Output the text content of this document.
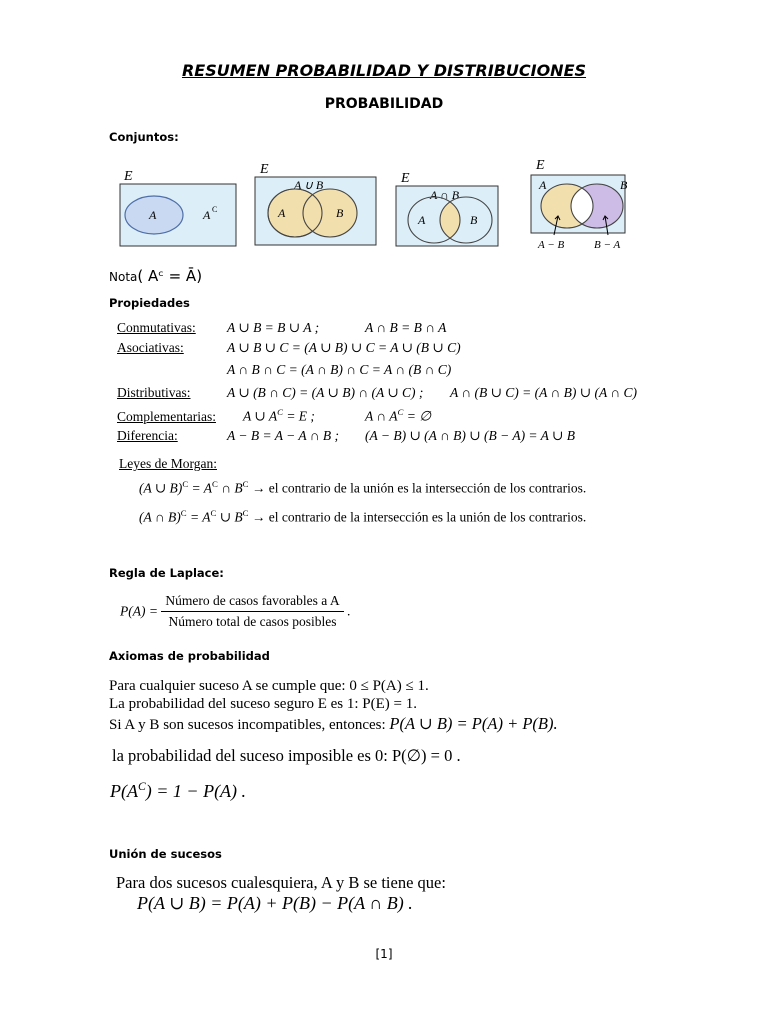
RESUMEN PROBABILIDAD Y DISTRIBUCIONES
PROBABILIDAD
Conjuntos:
E
A	A C
E
A ∪ B
A	B
E
A ∩ B
A	B
E
A	B
A − B	B − A
Nota( Aᶜ = Ā)
Propiedades
Conmutativas: A ∪ B = B ∪ A ;	A ∩ B = B ∩ A
Asociativas:	A ∪ B ∪ C = (A ∪ B) ∪ C = A ∪ (B ∪ C)
A ∩ B ∩ C = (A ∩ B) ∩ C = A ∩ (B ∩ C)
Distributivas:	A ∪ (B ∩ C) = (A ∪ B) ∩ (A ∪ C) ; A ∩ (B ∪ C) = (A ∩ B) ∪ (A ∩ C)
Complementarias: A ∪ $A^C = E$ ;	A ∩ $A^C$ = ∅
Diferencia:	A − B = A − A ∩ B ; (A − B) ∪ (A ∩ B) ∪ (B − A) = A ∪ B
Leyes de Morgan:
(A ∪ $B)^C = A^C$ ∩ $B^C$ → el contrario de la unión es la intersección de los contrarios.
(A ∩ $B)^C = A^C$ ∪ $B^C$ → el contrario de la intersección es la unión de los contrarios.
Regla de Laplace:
$P(A) = \frac{\text{Número de casos favorables a A}}{\text{Número total de casos posibles}}$ .
Axiomas de probabilidad
Para cualquier suceso A se cumple que: 0 ≤ P(A) ≤ 1.
La probabilidad del suceso seguro E es 1: P(E) = 1.
Si A y B son sucesos incompatibles, entonces: P(A ∪ B) = P(A) + P(B).
la probabilidad del suceso imposible es 0: P(∅) = 0 .
$P(A^C) = 1 - P(A)$ .
Unión de sucesos
Para dos sucesos cualesquiera, A y B se tiene que:
P(A ∪ B) = P(A) + P(B) − P(A ∩ B) .
[1]
